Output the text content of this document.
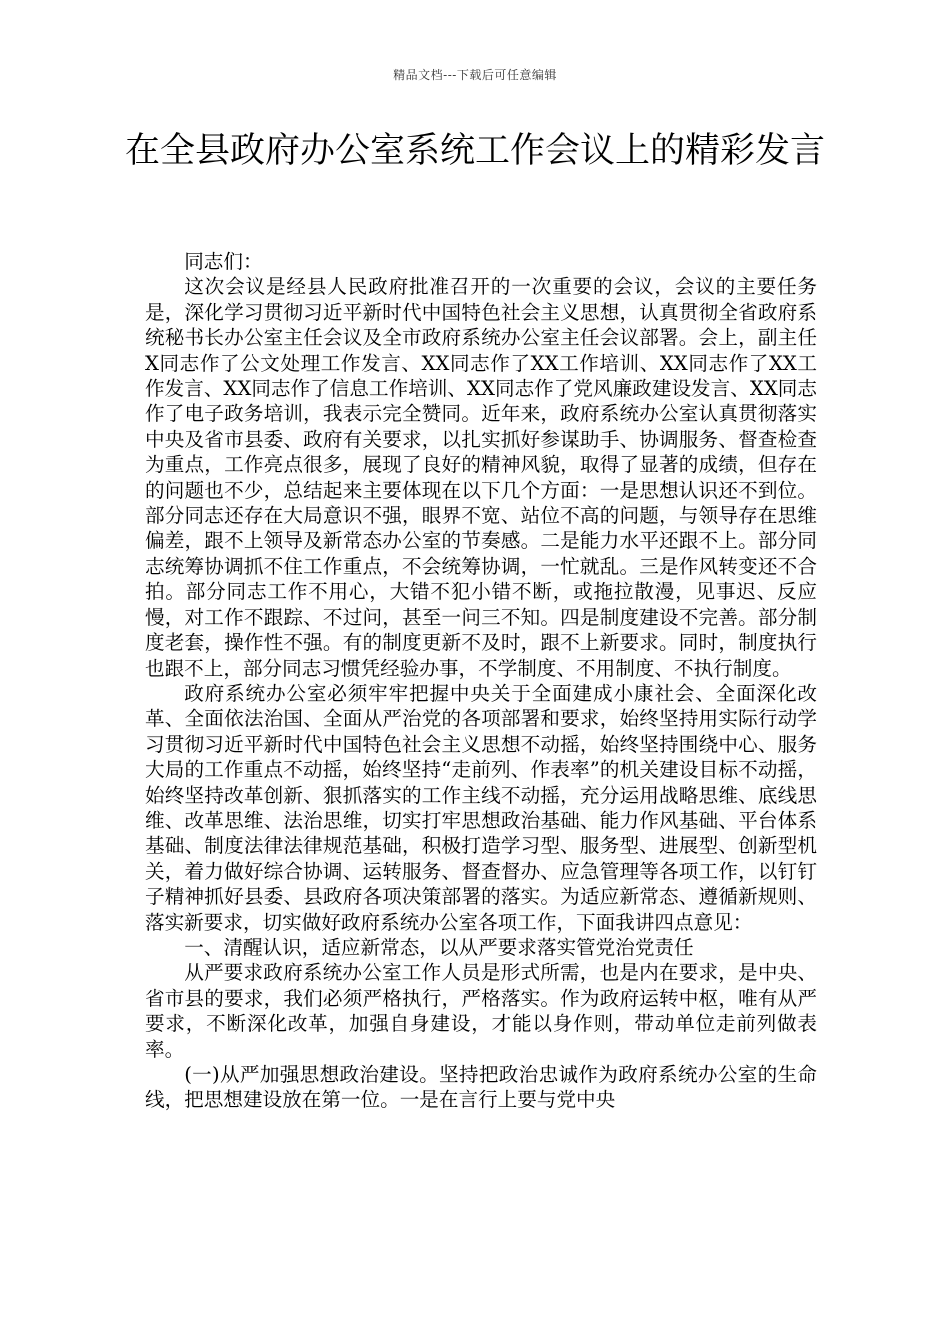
精品文档---下载后可任意编辑
在全县政府办公室系统工作会议上的精彩发言

同志们：

这次会议是经县人民政府批准召开的一次重要的会议，会议的主要任务是，深化学习贯彻习近平新时代中国特色社会主义思想，认真贯彻全省政府系统秘书长办公室主任会议及全市政府系统办公室主任会议部署。会上，副主任X同志作了公文处理工作发言、XX同志作了XX工作培训、XX同志作了XX工作发言、XX同志作了信息工作培训、XX同志作了党风廉政建设发言、XX同志作了电子政务培训，我表示完全赞同。近年来，政府系统办公室认真贯彻落实中央及省市县委、政府有关要求，以扎实抓好参谋助手、协调服务、督查检查为重点，工作亮点很多，展现了良好的精神风貌，取得了显著的成绩，但存在的问题也不少，总结起来主要体现在以下几个方面：一是思想认识还不到位。部分同志还存在大局意识不强，眼界不宽、站位不高的问题，与领导存在思维偏差，跟不上领导及新常态办公室的节奏感。二是能力水平还跟不上。部分同志统筹协调抓不住工作重点，不会统筹协调，一忙就乱。三是作风转变还不合拍。部分同志工作不用心，大错不犯小错不断，或拖拉散漫，见事迟、反应慢，对工作不跟踪、不过问，甚至一问三不知。四是制度建设不完善。部分制度老套，操作性不强。有的制度更新不及时，跟不上新要求。同时，制度执行也跟不上，部分同志习惯凭经验办事，不学制度、不用制度、不执行制度。

政府系统办公室必须牢牢把握中央关于全面建成小康社会、全面深化改革、全面依法治国、全面从严治党的各项部署和要求，始终坚持用实际行动学习贯彻习近平新时代中国特色社会主义思想不动摇，始终坚持围绕中心、服务大局的工作重点不动摇，始终坚持“走前列、作表率”的机关建设目标不动摇，始终坚持改革创新、狠抓落实的工作主线不动摇，充分运用战略思维、底线思维、改革思维、法治思维，切实打牢思想政治基础、能力作风基础、平台体系基础、制度法律法律规范基础，积极打造学习型、服务型、进展型、创新型机关，着力做好综合协调、运转服务、督查督办、应急管理等各项工作，以钉钉子精神抓好县委、县政府各项决策部署的落实。为适应新常态、遵循新规则、落实新要求，切实做好政府系统办公室各项工作，下面我讲四点意见：

一、清醒认识，适应新常态，以从严要求落实管党治党责任

从严要求政府系统办公室工作人员是形式所需，也是内在要求，是中央、省市县的要求，我们必须严格执行，严格落实。作为政府运转中枢，唯有从严要求，不断深化改革，加强自身建设，才能以身作则，带动单位走前列做表率。

(一)从严加强思想政治建设。坚持把政治忠诚作为政府系统办公室的生命线，把思想建设放在第一位。一是在言行上要与党中央
